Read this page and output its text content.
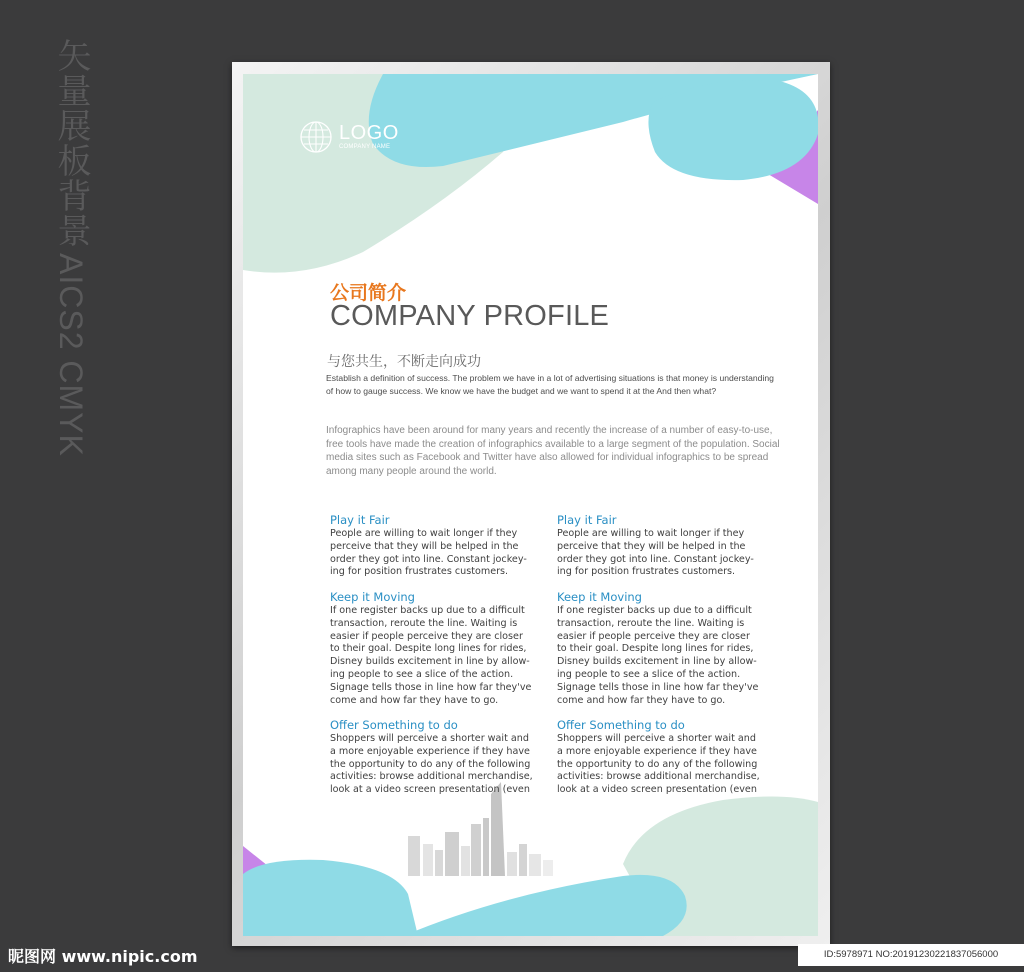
矢量展板背景 AICS2 CMYK
LOGO
COMPANY NAME
公司简介
COMPANY PROFILE
与您共生，不断走向成功
Establish a definition of success. The problem we have in a lot of advertising situations is that money is understanding of how to gauge success. We know we have the budget and we want to spend it at the And then what?
Infographics have been around for many years and recently the increase of a number of easy-to-use, free tools have made the creation of infographics available to a large segment of the population. Social media sites such as Facebook and Twitter have also allowed for individual infographics to be spread among many people around the world.
Play it Fair
People are willing to wait longer if they
perceive that they will be helped in the
order they got into line. Constant jockey-
ing for position frustrates customers.
Keep it Moving
If one register backs up due to a difficult
transaction, reroute the line. Waiting is
easier if people perceive they are closer
to their goal. Despite long lines for rides,
Disney builds excitement in line by allow-
ing people to see a slice of the action.
Signage tells those in line how far they've
come and how far they have to go.
Offer Something to do
Shoppers will perceive a shorter wait and
a more enjoyable experience if they have
the opportunity to do any of the following
activities: browse additional merchandise,
look at a video screen presentation (even
Play it Fair
People are willing to wait longer if they
perceive that they will be helped in the
order they got into line. Constant jockey-
ing for position frustrates customers.
Keep it Moving
If one register backs up due to a difficult
transaction, reroute the line. Waiting is
easier if people perceive they are closer
to their goal. Despite long lines for rides,
Disney builds excitement in line by allow-
ing people to see a slice of the action.
Signage tells those in line how far they've
come and how far they have to go.
Offer Something to do
Shoppers will perceive a shorter wait and
a more enjoyable experience if they have
the opportunity to do any of the following
activities: browse additional merchandise,
look at a video screen presentation (even
昵图网 www.nipic.com	ID:5978971 NO:20191230221837056000
